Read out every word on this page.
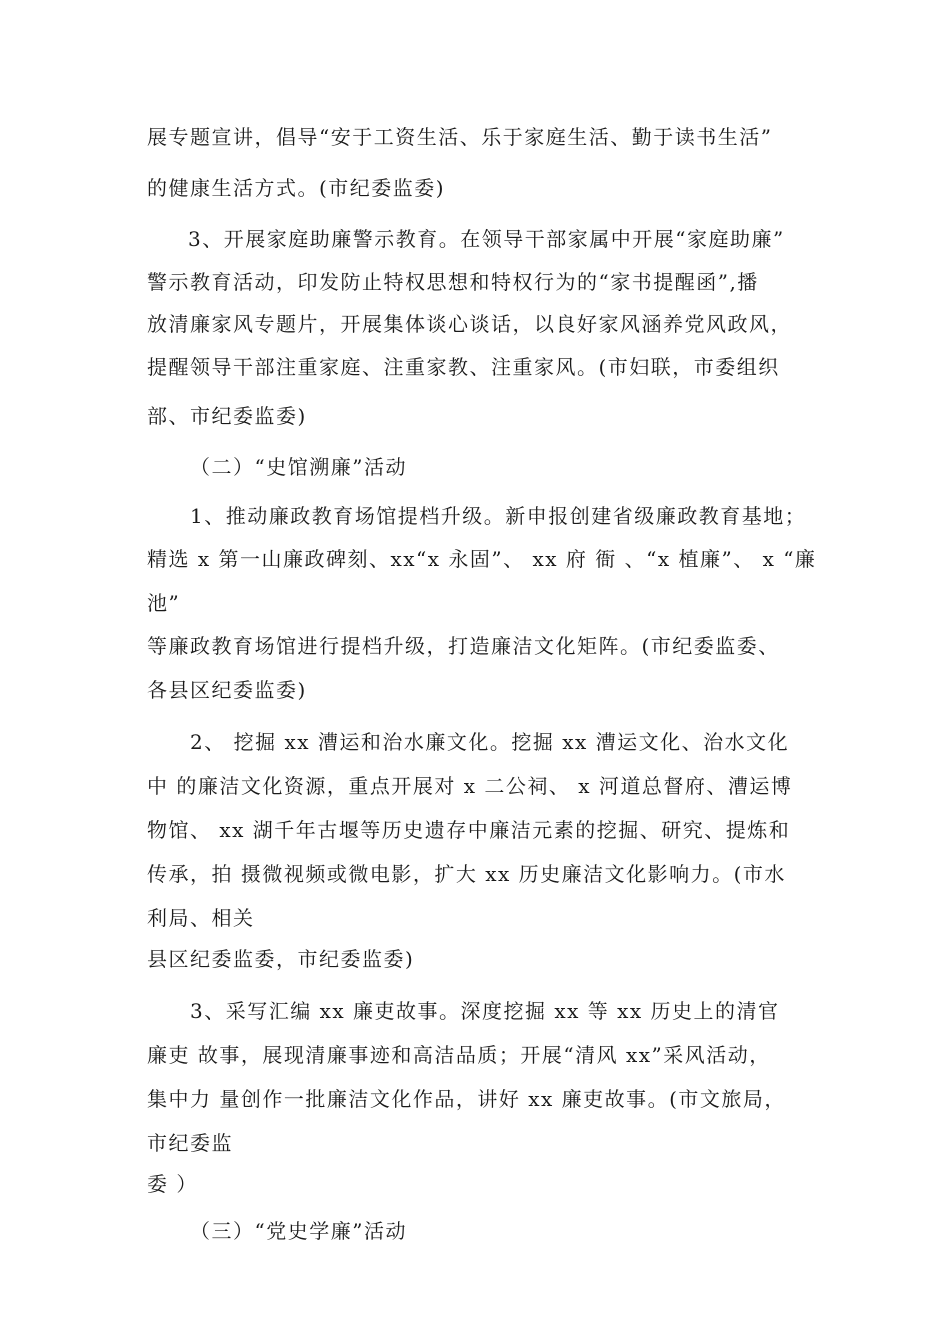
展专题宣讲，倡导“安于工资生活、乐于家庭生活、勤于读书生活”
的健康生活方式。(市纪委监委)
3、开展家庭助廉警示教育。在领导干部家属中开展“家庭助廉”
警示教育活动，印发防止特权思想和特权行为的“家书提醒函”,播
放清廉家风专题片，开展集体谈心谈话，以良好家风涵养党风政风，
提醒领导干部注重家庭、注重家教、注重家风。(市妇联，市委组织
部、市纪委监委)
（二）“史馆溯廉”活动
1、推动廉政教育场馆提档升级。新申报创建省级廉政教育基地；
精选 x 第一山廉政碑刻、xx“x 永固”、 xx 府 衙 、“x 植廉”、 x “廉
池”
等廉政教育场馆进行提档升级，打造廉洁文化矩阵。(市纪委监委、
各县区纪委监委)
2、 挖掘 xx 漕运和治水廉文化。挖掘 xx 漕运文化、治水文化
中 的廉洁文化资源，重点开展对 x 二公祠、 x 河道总督府、漕运博
物馆、 xx 湖千年古堰等历史遗存中廉洁元素的挖掘、研究、提炼和
传承，拍 摄微视频或微电影，扩大 xx 历史廉洁文化影响力。(市水
利局、相关
县区纪委监委，市纪委监委)
3、采写汇编 xx 廉吏故事。深度挖掘 xx 等 xx 历史上的清官
廉吏 故事，展现清廉事迹和高洁品质；开展“清风 xx”采风活动，
集中力 量创作一批廉洁文化作品，讲好 xx 廉吏故事。(市文旅局，
市纪委监
委 ）
（三）“党史学廉”活动
